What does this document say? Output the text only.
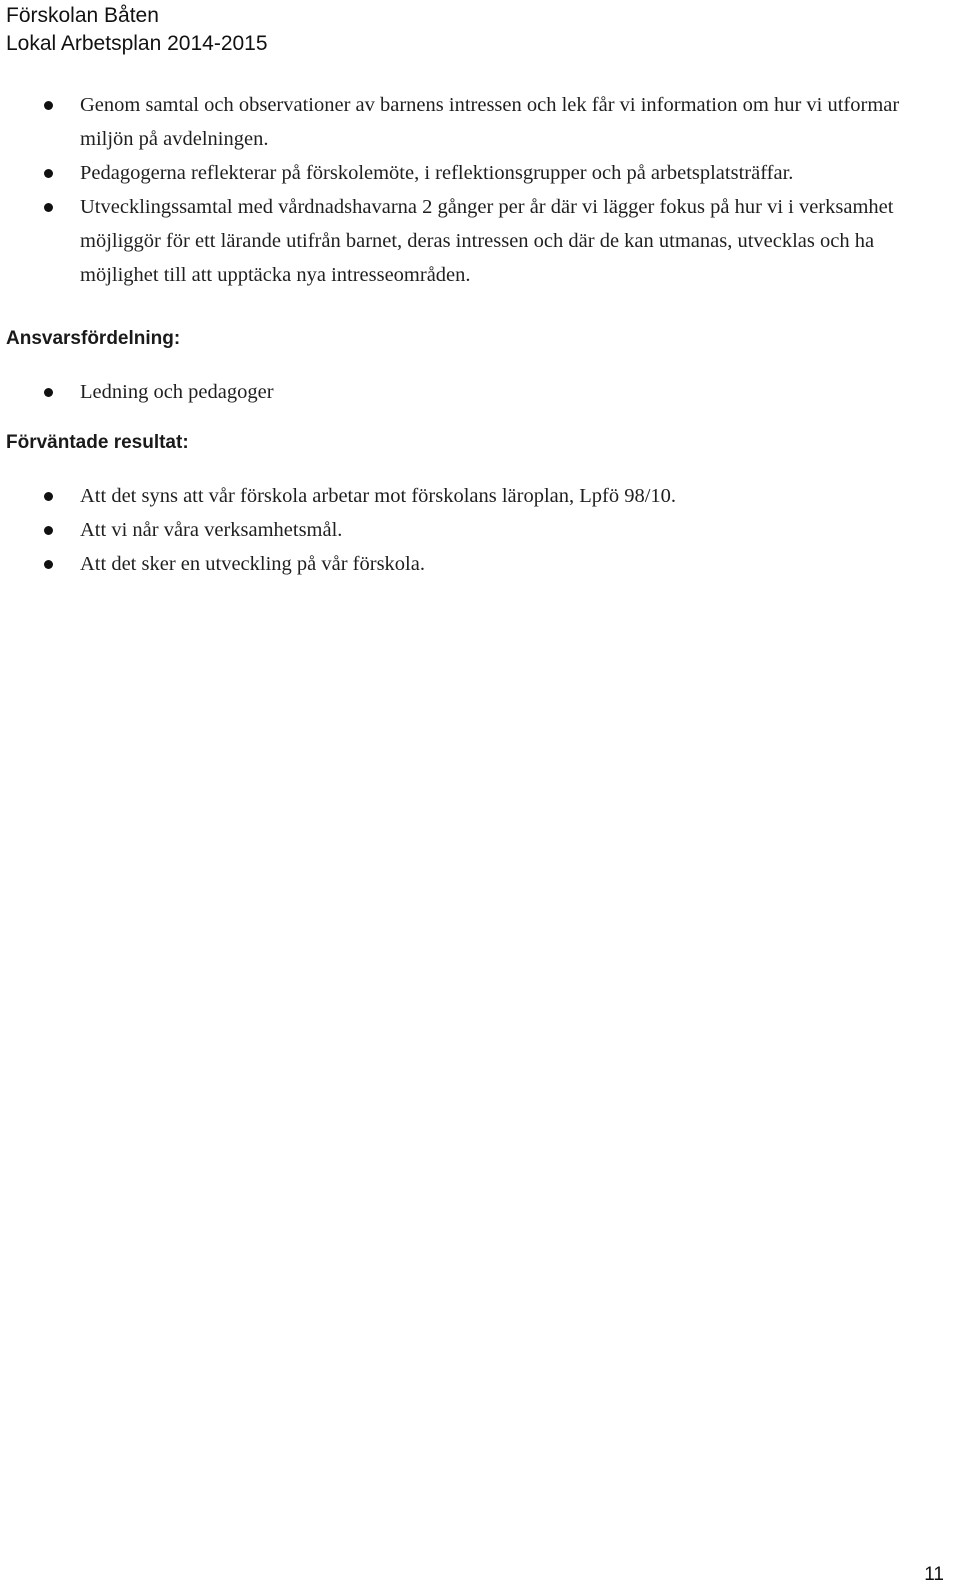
Förskolan Båten
Lokal Arbetsplan 2014-2015
Genom samtal och observationer av barnens intressen och lek får vi information om hur vi utformar miljön på avdelningen.
Pedagogerna reflekterar på förskolemöte, i reflektionsgrupper och på arbetsplatsträffar.
Utvecklingssamtal med vårdnadshavarna 2 gånger per år där vi lägger fokus på hur vi i verksamhet möjliggör för ett lärande utifrån barnet, deras intressen och där de kan utmanas, utvecklas och ha möjlighet till att upptäcka nya intresseområden.
Ansvarsfördelning:
Ledning och pedagoger
Förväntade resultat:
Att det syns att vår förskola arbetar mot förskolans läroplan, Lpfö 98/10.
Att vi når våra verksamhetsmål.
Att det sker en utveckling på vår förskola.
11
